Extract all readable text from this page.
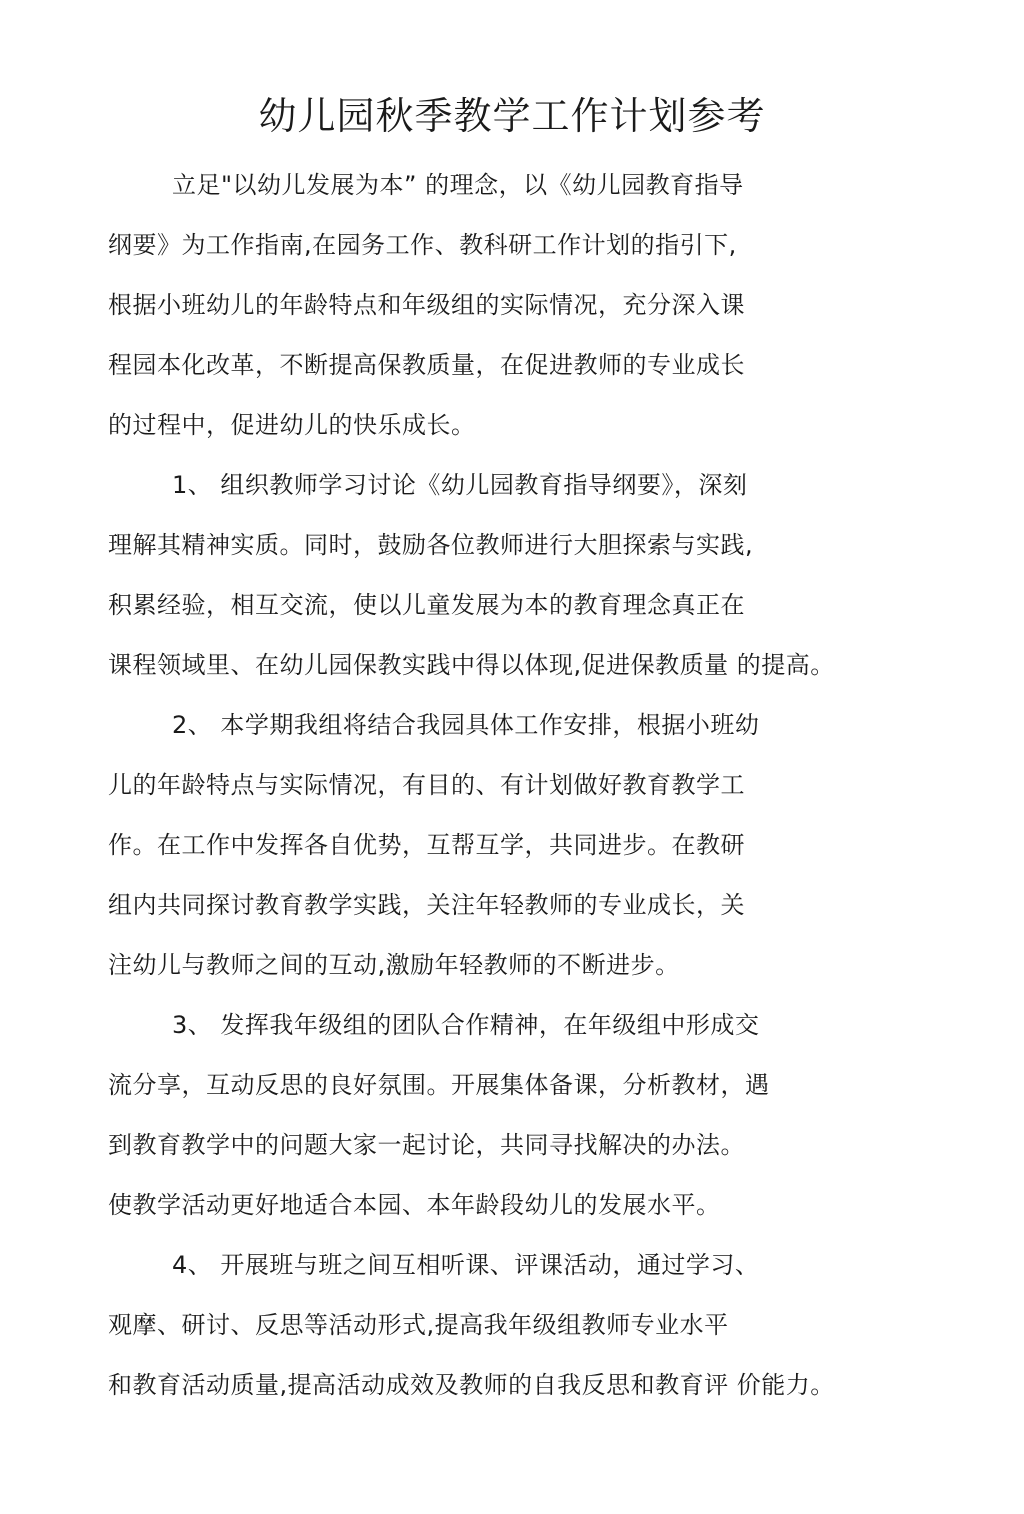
幼儿园秋季教学工作计划参考
立足"以幼儿发展为本” 的理念，以《幼儿园教育指导
纲要》为工作指南,在园务工作、教科研工作计划的指引下,
根据小班幼儿的年龄特点和年级组的实际情况，充分深入课
程园本化改革，不断提高保教质量，在促进教师的专业成长
的过程中，促进幼儿的快乐成长。
1、 组织教师学习讨论《幼儿园教育指导纲要》，深刻
理解其精神实质。同时，鼓励各位教师进行大胆探索与实践,
积累经验，相互交流，使以儿童发展为本的教育理念真正在
课程领域里、在幼儿园保教实践中得以体现,促进保教质量 的提高。
2、 本学期我组将结合我园具体工作安排，根据小班幼
儿的年龄特点与实际情况，有目的、有计划做好教育教学工
作。在工作中发挥各自优势，互帮互学，共同进步。在教研
组内共同探讨教育教学实践，关注年轻教师的专业成长，关
注幼儿与教师之间的互动,激励年轻教师的不断进步。
3、 发挥我年级组的团队合作精神，在年级组中形成交
流分享，互动反思的良好氛围。开展集体备课，分析教材，遇
到教育教学中的问题大家一起讨论，共同寻找解决的办法。
使教学活动更好地适合本园、本年龄段幼儿的发展水平。
4、 开展班与班之间互相听课、评课活动，通过学习、
观摩、研讨、反思等活动形式,提高我年级组教师专业水平
和教育活动质量,提高活动成效及教师的自我反思和教育评 价能力。
